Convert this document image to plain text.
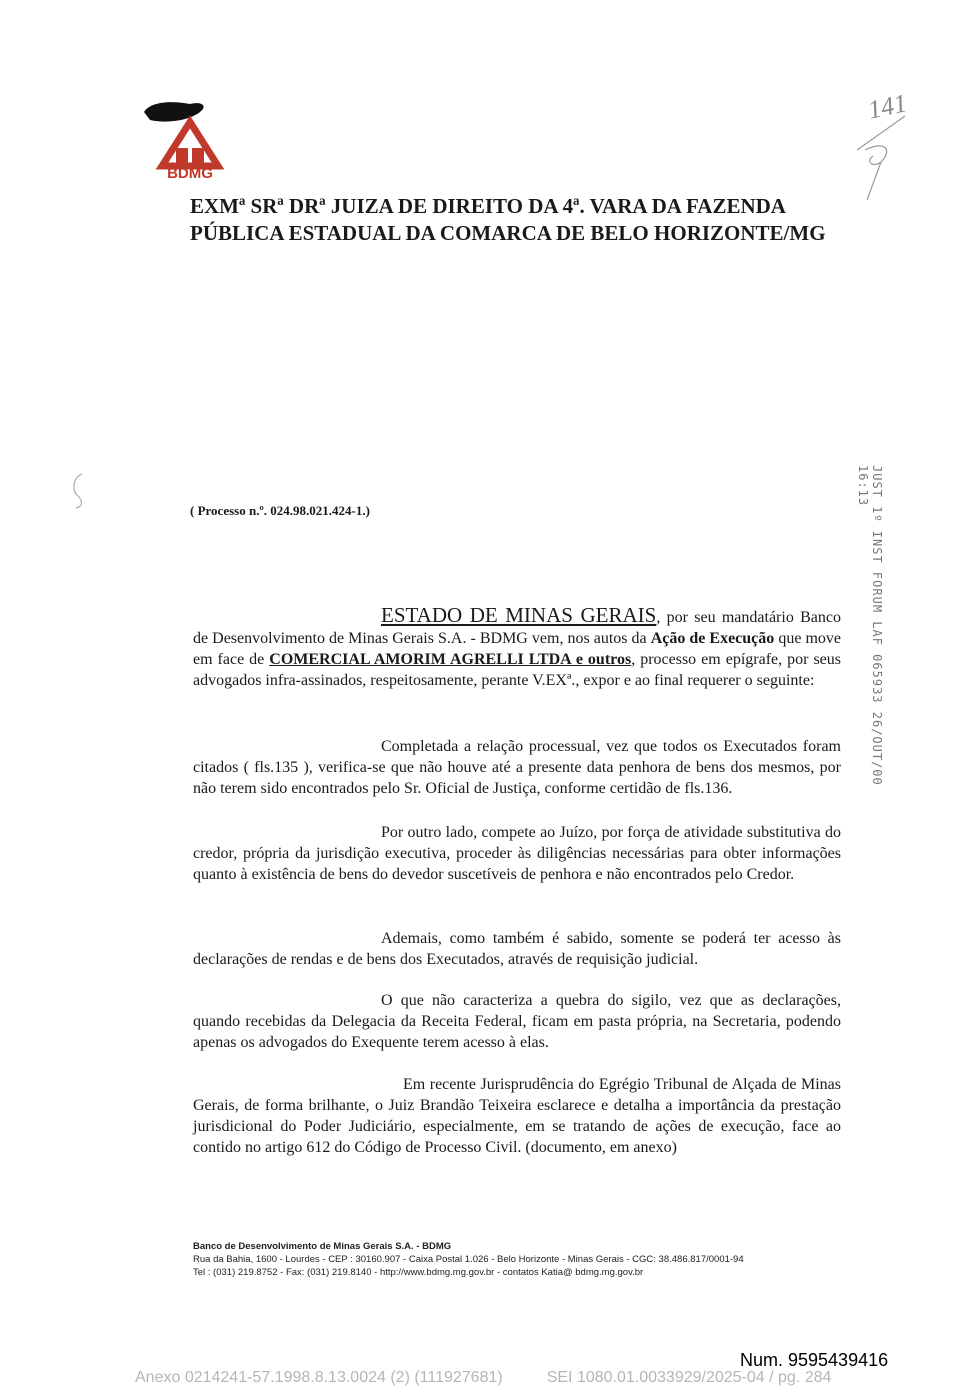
BDMG
141
EXMª SRª DRª JUIZA DE DIREITO DA 4ª. VARA DA FAZENDA
PÚBLICA ESTADUAL DA COMARCA DE BELO HORIZONTE/MG
( Processo n.º. 024.98.021.424-1.)	JUST 1º INST FORUM LAF 065933 26/OUT/00 16:13
ESTADO DE MINAS GERAIS, por seu mandatário Banco de Desenvolvimento de Minas Gerais S.A. - BDMG vem, nos autos da Ação de Execução que move em face de COMERCIAL AMORIM AGRELLI LTDA e outros, processo em epígrafe, por seus advogados infra-assinados, respeitosamente, perante V.EXª., expor e ao final requerer o seguinte:
Completada a relação processual, vez que todos os Executados foram citados ( fls.135 ), verifica-se que não houve até a presente data penhora de bens dos mesmos, por não terem sido encontrados pelo Sr. Oficial de Justiça, conforme certidão de fls.136.
Por outro lado, compete ao Juízo, por força de atividade substitutiva do credor, própria da jurisdição executiva, proceder às diligências necessárias para obter informações quanto à existência de bens do devedor suscetíveis de penhora e não encontrados pelo Credor.
Ademais, como também é sabido, somente se poderá ter acesso às declarações de rendas e de bens dos Executados, através de requisição judicial.
O que não caracteriza a quebra do sigilo, vez que as declarações, quando recebidas da Delegacia da Receita Federal, ficam em pasta própria, na Secretaria, podendo apenas os advogados do Exequente terem acesso à elas.
Em recente Jurisprudência do Egrégio Tribunal de Alçada de Minas Gerais, de forma brilhante, o Juiz Brandão Teixeira esclarece e detalha a importância da prestação jurisdicional do Poder Judiciário, especialmente, em se tratando de ações de execução, face ao contido no artigo 612 do Código de Processo Civil. (documento, em anexo)
Banco de Desenvolvimento de Minas Gerais S.A. - BDMG
Rua da Bahia, 1600 - Lourdes - CEP : 30160.907 - Caixa Postal 1.026 - Belo Horizonte - Minas Gerais - CGC: 38.486.817/0001-94
Tel : (031) 219.8752 - Fax: (031) 219.8140 - http://www.bdmg.mg.gov.br - contatos Katia@ bdmg.mg.gov.br
Num. 9595439416
Anexo 0214241-57.1998.8.13.0024 (2) (111927681)	SEI 1080.01.0033929/2025-04 / pg. 284
